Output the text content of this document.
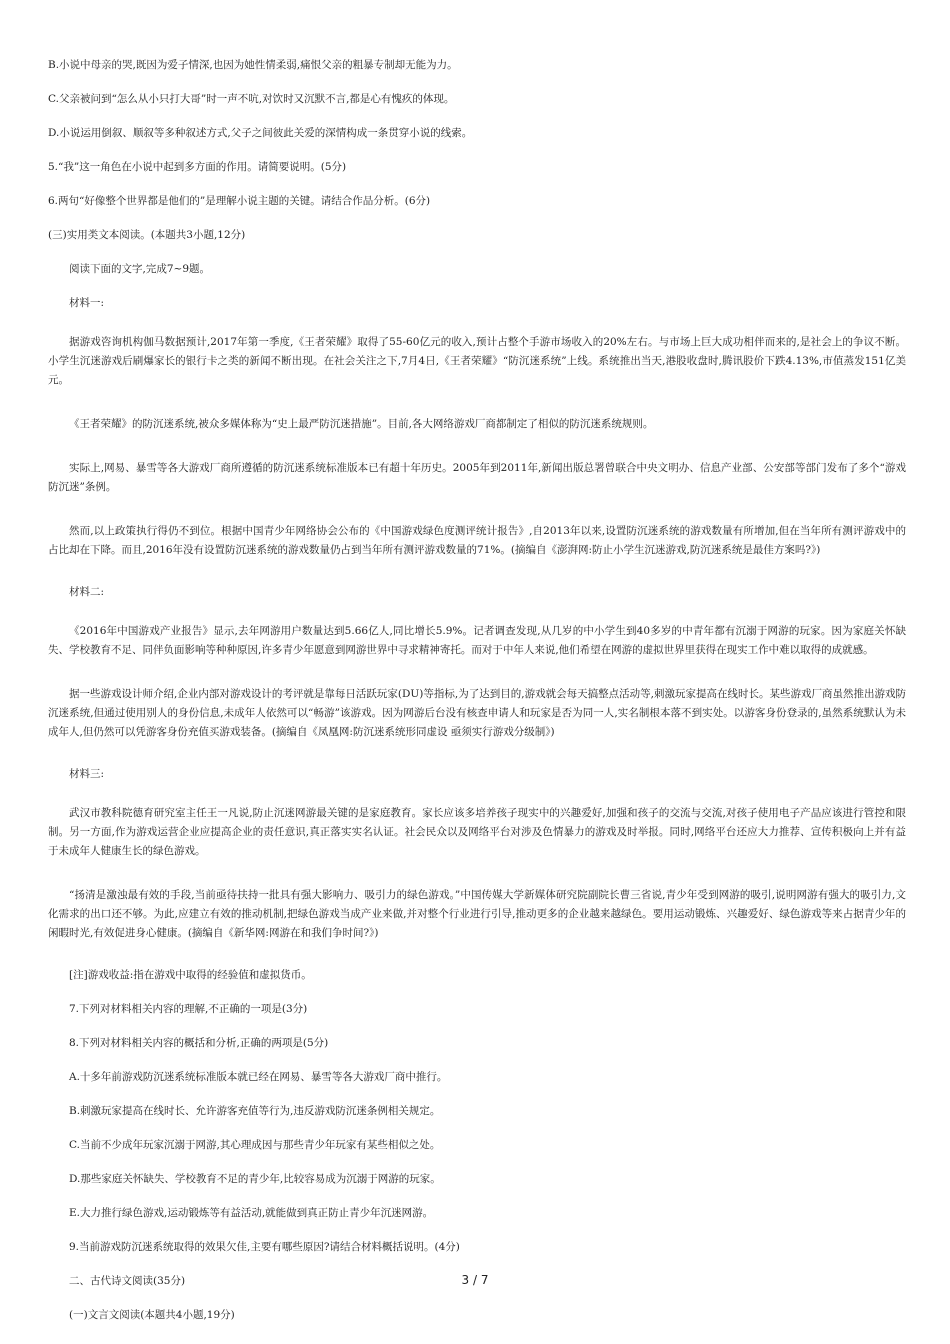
B.小说中母亲的哭,既因为爱子情深,也因为她性情柔弱,痛恨父亲的粗暴专制却无能为力。

C.父亲被问到“怎么从小只打大哥”时一声不吭,对饮时又沉默不言,都是心有愧疚的体现。

D.小说运用倒叙、顺叙等多种叙述方式,父子之间彼此关爱的深情构成一条贯穿小说的线索。

5.“我”这一角色在小说中起到多方面的作用。请简要说明。(5分)

6.两句“好像整个世界都是他们的”是理解小说主题的关键。请结合作品分析。(6分)

(三)实用类文本阅读。(本题共3小题,12分)

阅读下面的文字,完成7~9题。

材料一:

据游戏咨询机构伽马数据预计,2017年第一季度,《王者荣耀》取得了55-60亿元的收入,预计占整个手游市场收入的20%左右。与市场上巨大成功相伴而来的,是社会上的争议不断。小学生沉迷游戏后刷爆家长的银行卡之类的新闻不断出现。在社会关注之下,7月4日,《王者荣耀》“防沉迷系统”上线。系统推出当天,港股收盘时,腾讯股价下跌4.13%,市值蒸发151亿美元。

《王者荣耀》的防沉迷系统,被众多媒体称为“史上最严防沉迷措施”。目前,各大网络游戏厂商都制定了相似的防沉迷系统规则。

实际上,网易、暴雪等各大游戏厂商所遵循的防沉迷系统标准版本已有超十年历史。2005年到2011年,新闻出版总署曾联合中央文明办、信息产业部、公安部等部门发布了多个“游戏防沉迷”条例。

然而,以上政策执行得仍不到位。根据中国青少年网络协会公布的《中国游戏绿色度测评统计报告》,自2013年以来,设置防沉迷系统的游戏数量有所增加,但在当年所有测评游戏中的占比却在下降。而且,2016年没有设置防沉迷系统的游戏数量仍占到当年所有测评游戏数量的71%。(摘编自《澎湃网:防止小学生沉迷游戏,防沉迷系统是最佳方案吗?》)

材料二:

《2016年中国游戏产业报告》显示,去年网游用户数量达到5.66亿人,同比增长5.9%。记者调查发现,从几岁的中小学生到40多岁的中青年都有沉溺于网游的玩家。因为家庭关怀缺失、学校教育不足、同伴负面影响等种种原因,许多青少年愿意到网游世界中寻求精神寄托。而对于中年人来说,他们希望在网游的虚拟世界里获得在现实工作中难以取得的成就感。

据一些游戏设计师介绍,企业内部对游戏设计的考评就是靠每日活跃玩家(DU)等指标,为了达到目的,游戏就会每天搞整点活动等,刺激玩家提高在线时长。某些游戏厂商虽然推出游戏防沉迷系统,但通过使用别人的身份信息,未成年人依然可以“畅游”该游戏。因为网游后台没有核查申请人和玩家是否为同一人,实名制根本落不到实处。以游客身份登录的,虽然系统默认为未成年人,但仍然可以凭游客身份充值买游戏装备。(摘编自《凤凰网:防沉迷系统形同虚设 亟须实行游戏分级制》)

材料三:

武汉市教科院德育研究室主任王一凡说,防止沉迷网游最关键的是家庭教育。家长应该多培养孩子现实中的兴趣爱好,加强和孩子的交流与交流,对孩子使用电子产品应该进行管控和限制。另一方面,作为游戏运营企业应提高企业的责任意识,真正落实实名认证。社会民众以及网络平台对涉及色情暴力的游戏及时举报。同时,网络平台还应大力推荐、宣传积极向上并有益于未成年人健康生长的绿色游戏。

“扬清是激浊最有效的手段,当前亟待扶持一批具有强大影响力、吸引力的绿色游戏。”中国传媒大学新媒体研究院副院长曹三省说,青少年受到网游的吸引,说明网游有强大的吸引力,文化需求的出口还不够。为此,应建立有效的推动机制,把绿色游戏当成产业来做,并对整个行业进行引导,推动更多的企业越来越绿色。要用运动锻炼、兴趣爱好、绿色游戏等来占据青少年的闲暇时光,有效促进身心健康。(摘编自《新华网:网游在和我们争时间?》)

[注]游戏收益:指在游戏中取得的经验值和虚拟货币。

7.下列对材料相关内容的理解,不正确的一项是(3分)

8.下列对材料相关内容的概括和分析,正确的两项是(5分)

A.十多年前游戏防沉迷系统标准版本就已经在网易、暴雪等各大游戏厂商中推行。

B.刺激玩家提高在线时长、允许游客充值等行为,违反游戏防沉迷条例相关规定。

C.当前不少成年玩家沉溺于网游,其心理成因与那些青少年玩家有某些相似之处。

D.那些家庭关怀缺失、学校教育不足的青少年,比较容易成为沉溺于网游的玩家。

E.大力推行绿色游戏,运动锻炼等有益活动,就能做到真正防止青少年沉迷网游。

9.当前游戏防沉迷系统取得的效果欠佳,主要有哪些原因?请结合材料概括说明。(4分)

二、古代诗文阅读(35分)

(一)文言文阅读(本题共4小题,19分)

3 / 7
